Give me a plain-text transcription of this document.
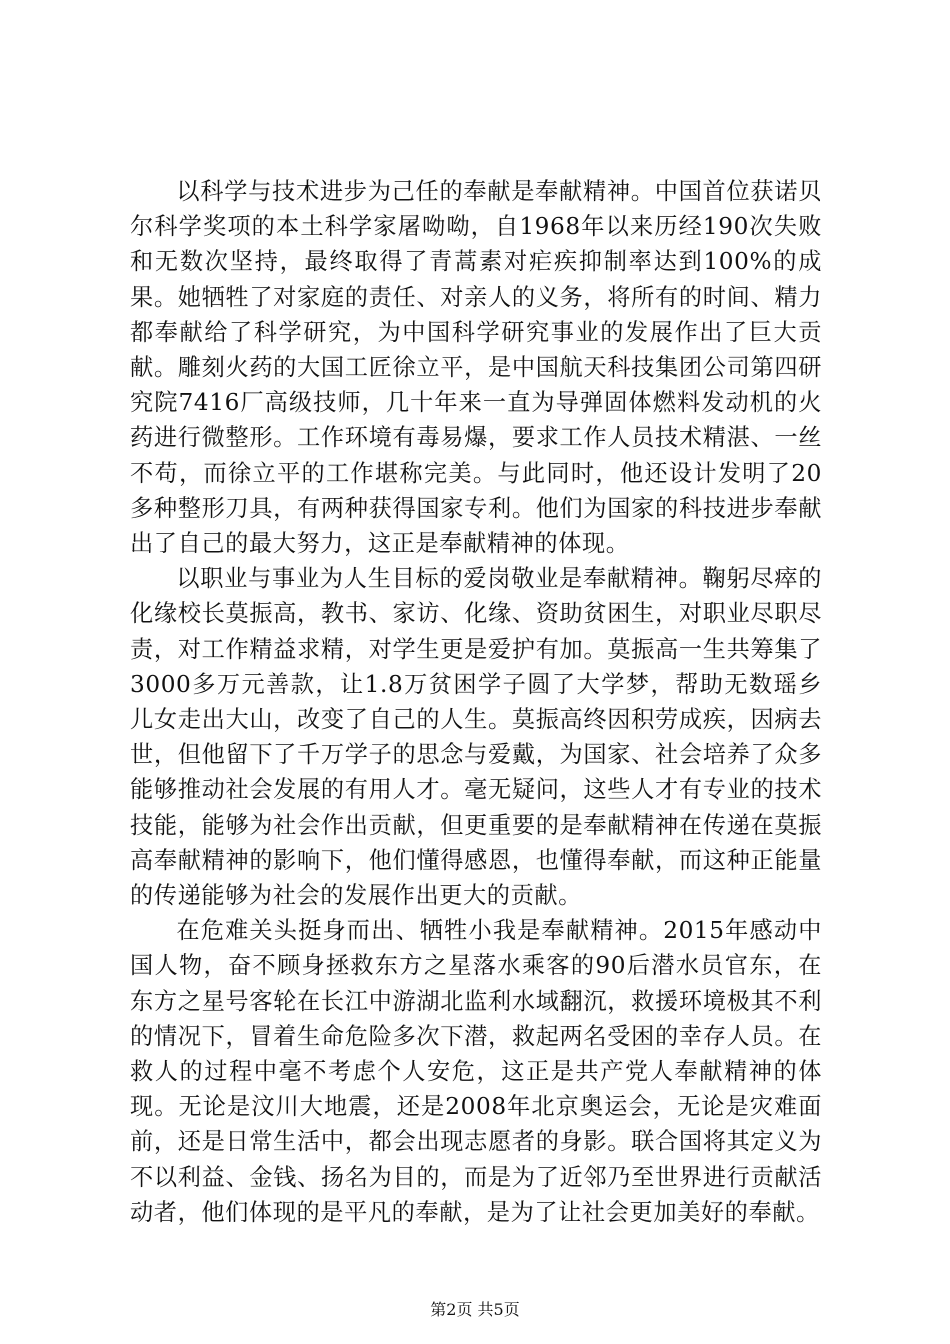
以科学与技术进步为己任的奉献是奉献精神。中国首位获诺贝尔科学奖项的本土科学家屠呦呦，自1968年以来历经190次失败和无数次坚持，最终取得了青蒿素对疟疾抑制率达到100%的成果。她牺牲了对家庭的责任、对亲人的义务，将所有的时间、精力都奉献给了科学研究，为中国科学研究事业的发展作出了巨大贡献。雕刻火药的大国工匠徐立平，是中国航天科技集团公司第四研究院7416厂高级技师，几十年来一直为导弹固体燃料发动机的火药进行微整形。工作环境有毒易爆，要求工作人员技术精湛、一丝不苟，而徐立平的工作堪称完美。与此同时，他还设计发明了20多种整形刀具，有两种获得国家专利。他们为国家的科技进步奉献出了自己的最大努力，这正是奉献精神的体现。

以职业与事业为人生目标的爱岗敬业是奉献精神。鞠躬尽瘁的化缘校长莫振高，教书、家访、化缘、资助贫困生，对职业尽职尽责，对工作精益求精，对学生更是爱护有加。莫振高一生共筹集了3000多万元善款，让1.8万贫困学子圆了大学梦，帮助无数瑶乡儿女走出大山，改变了自己的人生。莫振高终因积劳成疾，因病去世，但他留下了千万学子的思念与爱戴，为国家、社会培养了众多能够推动社会发展的有用人才。毫无疑问，这些人才有专业的技术技能，能够为社会作出贡献，但更重要的是奉献精神在传递在莫振高奉献精神的影响下，他们懂得感恩，也懂得奉献，而这种正能量的传递能够为社会的发展作出更大的贡献。

在危难关头挺身而出、牺牲小我是奉献精神。2015年感动中国人物，奋不顾身拯救东方之星落水乘客的90后潜水员官东，在东方之星号客轮在长江中游湖北监利水域翻沉，救援环境极其不利的情况下，冒着生命危险多次下潜，救起两名受困的幸存人员。在救人的过程中毫不考虑个人安危，这正是共产党人奉献精神的体现。无论是汶川大地震，还是2008年北京奥运会，无论是灾难面前，还是日常生活中，都会出现志愿者的身影。联合国将其定义为不以利益、金钱、扬名为目的，而是为了近邻乃至世界进行贡献活动者，他们体现的是平凡的奉献，是为了让社会更加美好的奉献。

第2页 共5页
